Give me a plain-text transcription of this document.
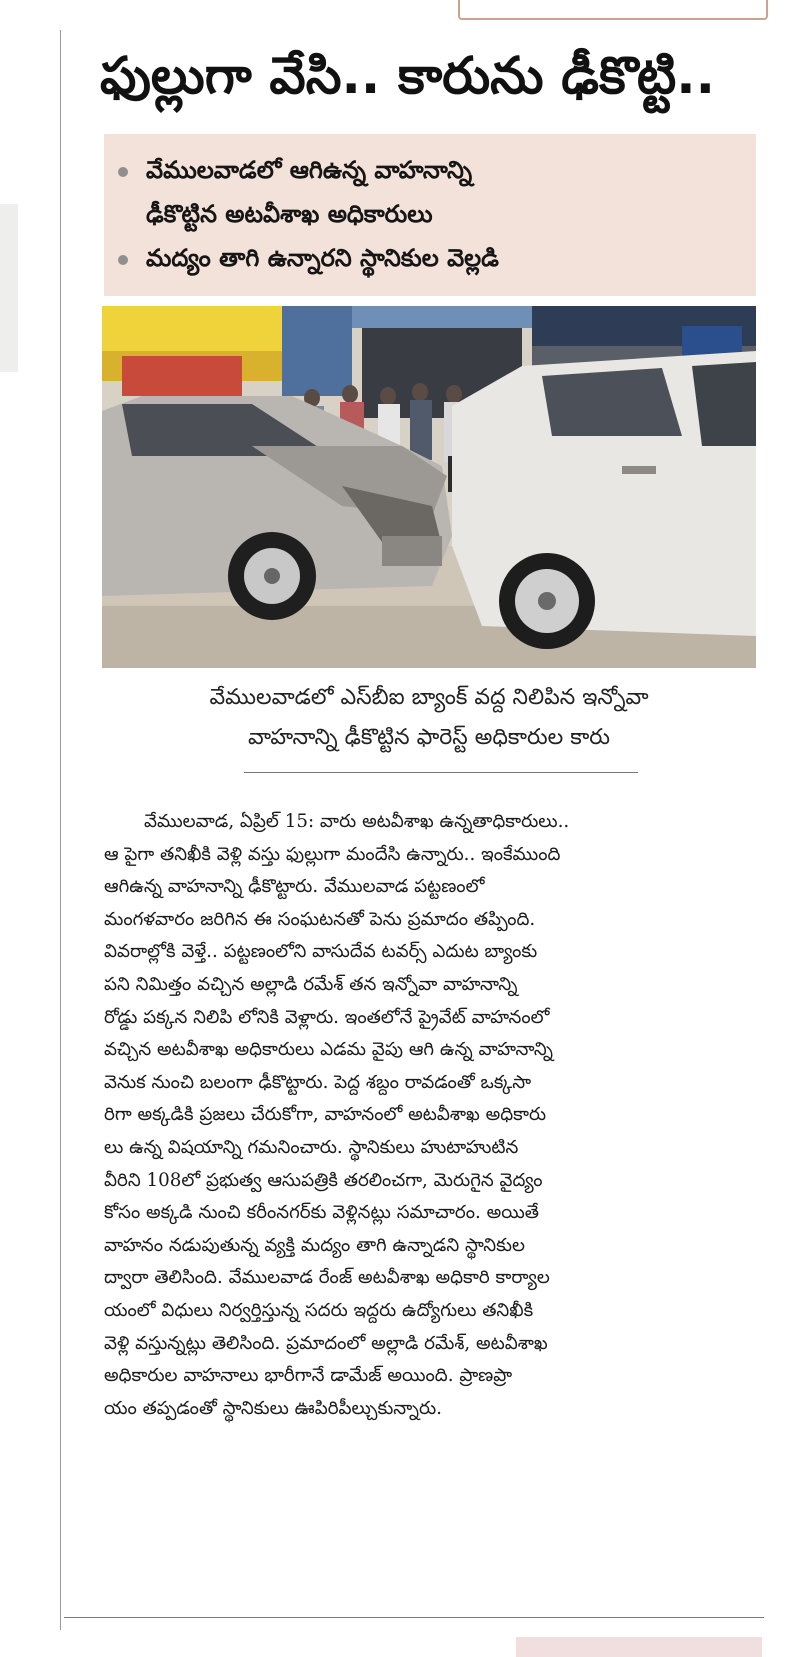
ఫుల్లుగా వేసి.. కారును ఢీకొట్టి..
వేములవాడలో ఆగిఉన్న వాహనాన్ని
ఢీకొట్టిన అటవీశాఖ అధికారులు
మద్యం తాగి ఉన్నారని స్థానికుల వెల్లడి
వేములవాడలో ఎస్‌బీఐ బ్యాంక్ వద్ద నిలిపిన ఇన్నోవా
వాహనాన్ని ఢీకొట్టిన ఫారెస్ట్ అధికారుల కారు
వేములవాడ, ఏప్రిల్ 15: వారు అటవీశాఖ ఉన్నతాధికారులు..
ఆ పైగా తనిఖీకి వెళ్లి వస్తు ఫుల్లుగా మందేసి ఉన్నారు.. ఇంకేముంది
ఆగిఉన్న వాహనాన్ని ఢీకొట్టారు. వేములవాడ పట్టణంలో
మంగళవారం జరిగిన ఈ సంఘటనతో పెను ప్రమాదం తప్పింది.
వివరాల్లోకి వెళ్తే.. పట్టణంలోని వాసుదేవ టవర్స్ ఎదుట బ్యాంకు
పని నిమిత్తం వచ్చిన అల్లాడి రమేశ్ తన ఇన్నోవా వాహనాన్ని
రోడ్డు పక్కన నిలిపి లోనికి వెళ్లారు. ఇంతలోనే ప్రైవేట్ వాహనంలో
వచ్చిన అటవీశాఖ అధికారులు ఎడమ వైపు ఆగి ఉన్న వాహనాన్ని
వెనుక నుంచి బలంగా ఢీకొట్టారు. పెద్ద శబ్దం రావడంతో ఒక్కసా
రిగా అక్కడికి ప్రజలు చేరుకోగా, వాహనంలో అటవీశాఖ అధికారు
లు ఉన్న విషయాన్ని గమనించారు. స్థానికులు హుటాహుటిన
వీరిని 108లో ప్రభుత్వ ఆసుపత్రికి తరలించగా, మెరుగైన వైద్యం
కోసం అక్కడి నుంచి కరీంనగర్‌కు వెళ్లినట్లు సమాచారం. అయితే
వాహనం నడుపుతున్న వ్యక్తి మద్యం తాగి ఉన్నాడని స్థానికుల
ద్వారా తెలిసింది. వేములవాడ రేంజ్ అటవీశాఖ అధికారి కార్యాల
యంలో విధులు నిర్వర్తిస్తున్న సదరు ఇద్దరు ఉద్యోగులు తనిఖీకి
వెళ్లి వస్తున్నట్లు తెలిసింది. ప్రమాదంలో అల్లాడి రమేశ్, అటవీశాఖ
అధికారుల వాహనాలు భారీగానే డామేజ్ అయింది. ప్రాణప్రా
యం తప్పడంతో స్థానికులు ఊపిరిపీల్చుకున్నారు.
